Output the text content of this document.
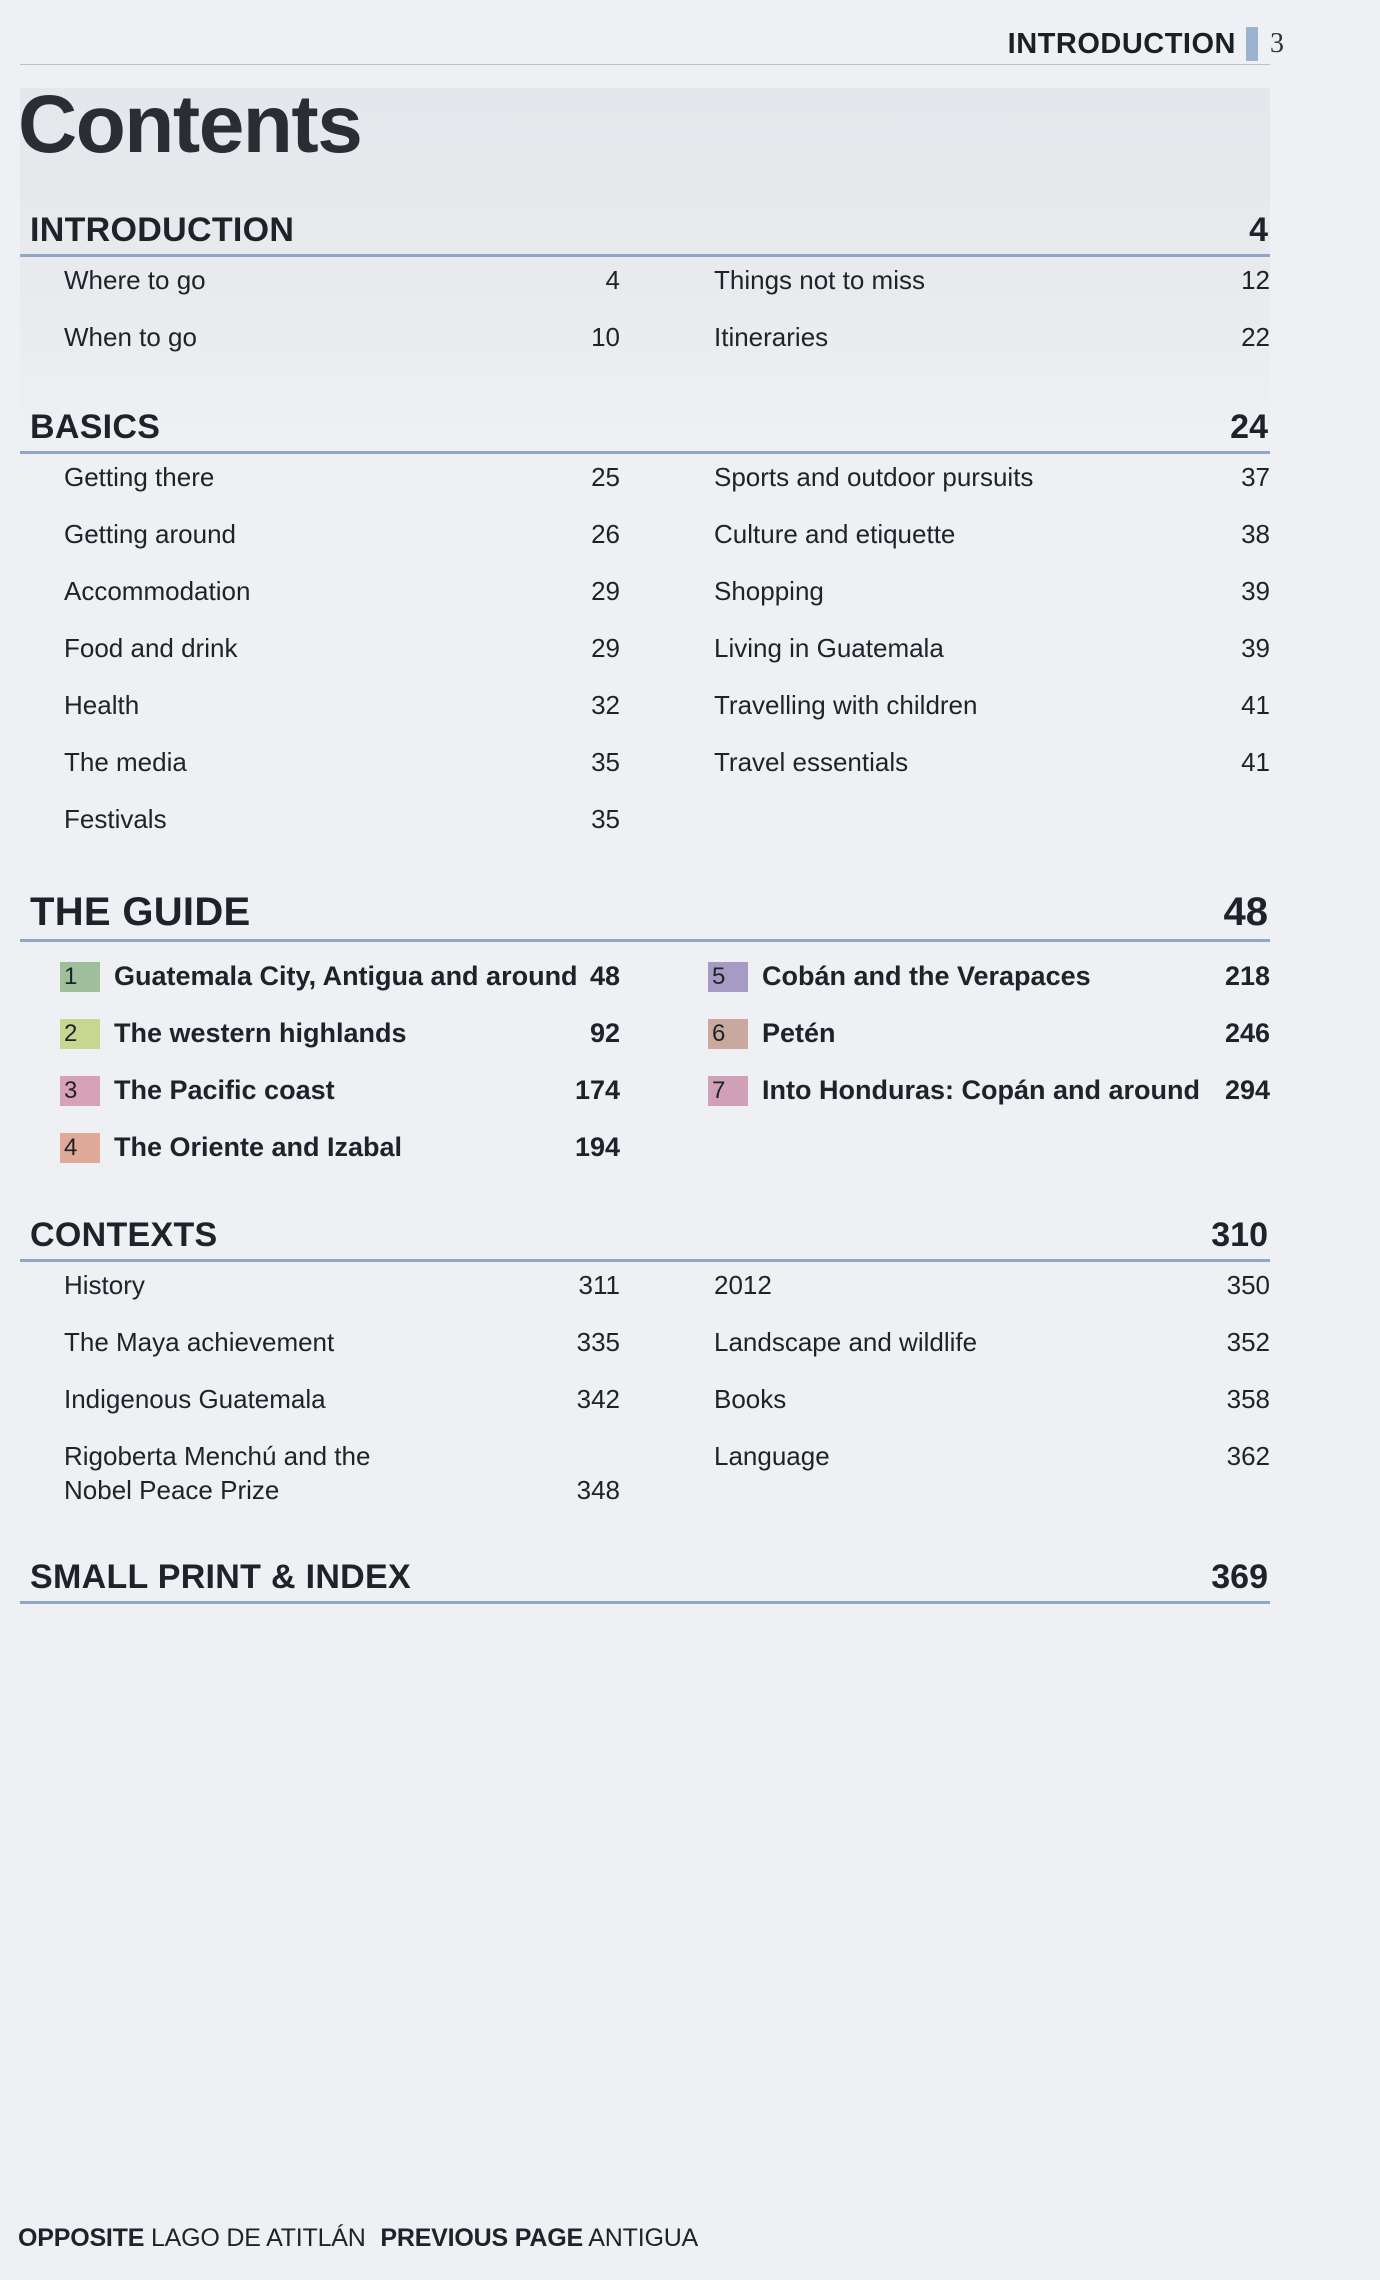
INTRODUCTION 3
Contents
INTRODUCTION	4
Where to go	4
When to go	10
Things not to miss	12
Itineraries	22
BASICS	24
Getting there	25
Getting around	26
Accommodation	29
Food and drink	29
Health	32
The media	35
Festivals	35
Sports and outdoor pursuits	37
Culture and etiquette	38
Shopping	39
Living in Guatemala	39
Travelling with children	41
Travel essentials	41
THE GUIDE	48
1	Guatemala City, Antigua and around 48
2	The western highlands	92
3	The Pacific coast	174
4	The Oriente and Izabal	194
5	Cobán and the Verapaces	218
6	Petén	246
7	Into Honduras: Copán and around 294
CONTEXTS	310
History	311
The Maya achievement	335
Indigenous Guatemala	342
Rigoberta Menchú and the
Nobel Peace Prize	348
2012	350
Landscape and wildlife	352
Books	358
Language	362
SMALL PRINT & INDEX	369
OPPOSITE LAGO DE ATITLÁN PREVIOUS PAGE ANTIGUA
